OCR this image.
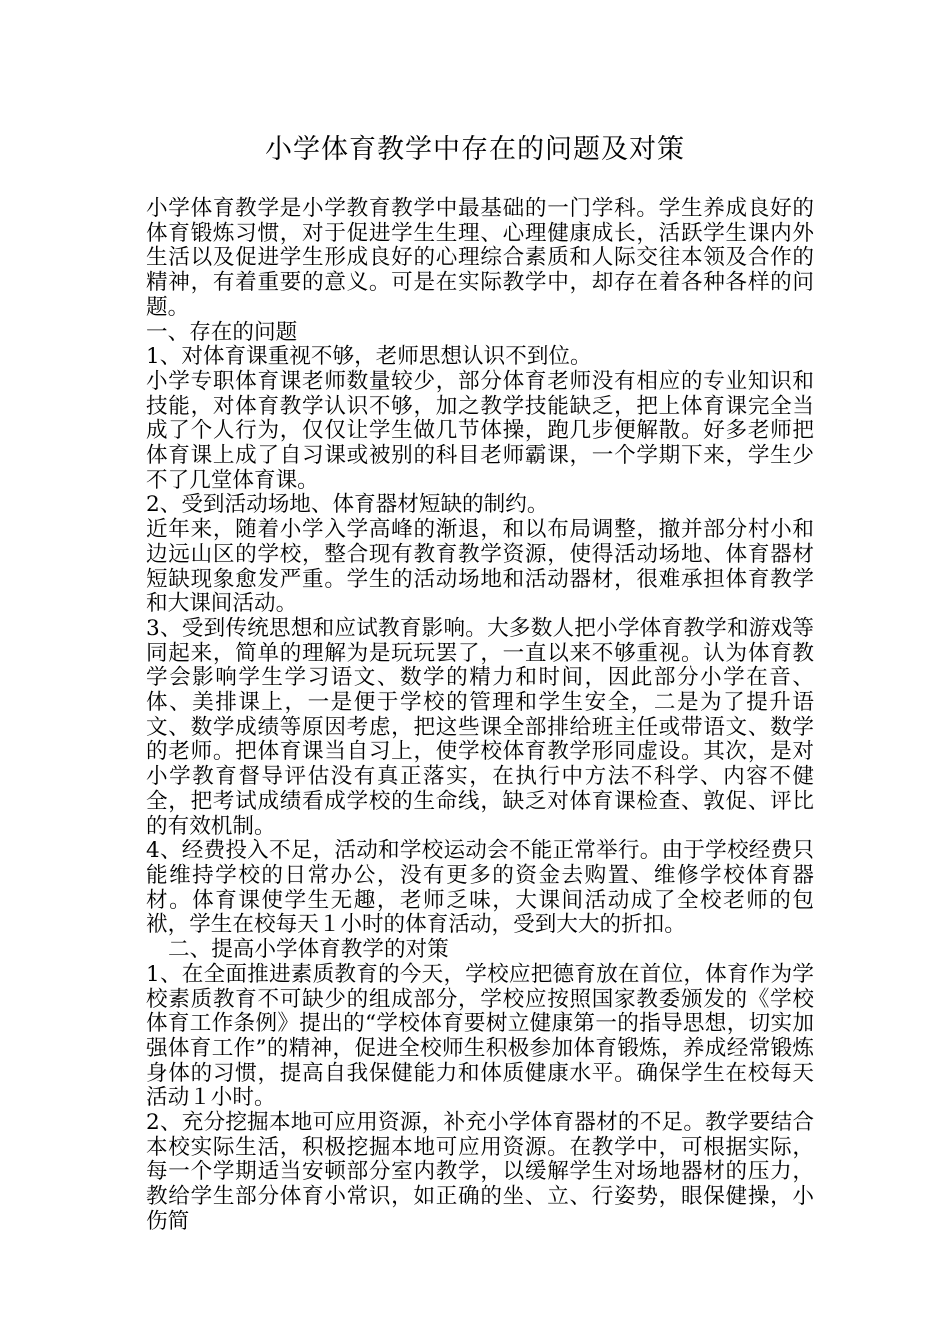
小学体育教学中存在的问题及对策

小学体育教学是小学教育教学中最基础的一门学科。学生养成良好的体育锻炼习惯，对于促进学生生理、心理健康成长，活跃学生课内外生活以及促进学生形成良好的心理综合素质和人际交往本领及合作的精神，有着重要的意义。可是在实际教学中，却存在着各种各样的问题。

一、存在的问题

1、对体育课重视不够，老师思想认识不到位。

小学专职体育课老师数量较少，部分体育老师没有相应的专业知识和技能，对体育教学认识不够，加之教学技能缺乏，把上体育课完全当成了个人行为，仅仅让学生做几节体操，跑几步便解散。好多老师把体育课上成了自习课或被别的科目老师霸课，一个学期下来，学生少不了几堂体育课。

2、受到活动场地、体育器材短缺的制约。

近年来，随着小学入学高峰的渐退，和以布局调整，撤并部分村小和边远山区的学校，整合现有教育教学资源，使得活动场地、体育器材短缺现象愈发严重。学生的活动场地和活动器材，很难承担体育教学和大课间活动。

3、受到传统思想和应试教育影响。大多数人把小学体育教学和游戏等同起来，简单的理解为是玩玩罢了，一直以来不够重视。认为体育教学会影响学生学习语文、数学的精力和时间，因此部分小学在音、体、美排课上，一是便于学校的管理和学生安全，二是为了提升语文、数学成绩等原因考虑，把这些课全部排给班主任或带语文、数学的老师。把体育课当自习上，使学校体育教学形同虚设。其次，是对小学教育督导评估没有真正落实，在执行中方法不科学、内容不健全，把考试成绩看成学校的生命线，缺乏对体育课检查、敦促、评比的有效机制。

4、经费投入不足，活动和学校运动会不能正常举行。由于学校经费只能维持学校的日常办公，没有更多的资金去购置、维修学校体育器材。体育课使学生无趣，老师乏味，大课间活动成了全校老师的包袱，学生在校每天１小时的体育活动，受到大大的折扣。

二、提高小学体育教学的对策

1、在全面推进素质教育的今天，学校应把德育放在首位，体育作为学校素质教育不可缺少的组成部分，学校应按照国家教委颁发的《学校体育工作条例》提出的“学校体育要树立健康第一的指导思想，切实加强体育工作”的精神，促进全校师生积极参加体育锻炼，养成经常锻炼身体的习惯，提高自我保健能力和体质健康水平。确保学生在校每天活动１小时。

2、充分挖掘本地可应用资源，补充小学体育器材的不足。教学要结合本校实际生活，积极挖掘本地可应用资源。在教学中，可根据实际，每一个学期适当安顿部分室内教学，以缓解学生对场地器材的压力，教给学生部分体育小常识，如正确的坐、立、行姿势，眼保健操，小伤简
